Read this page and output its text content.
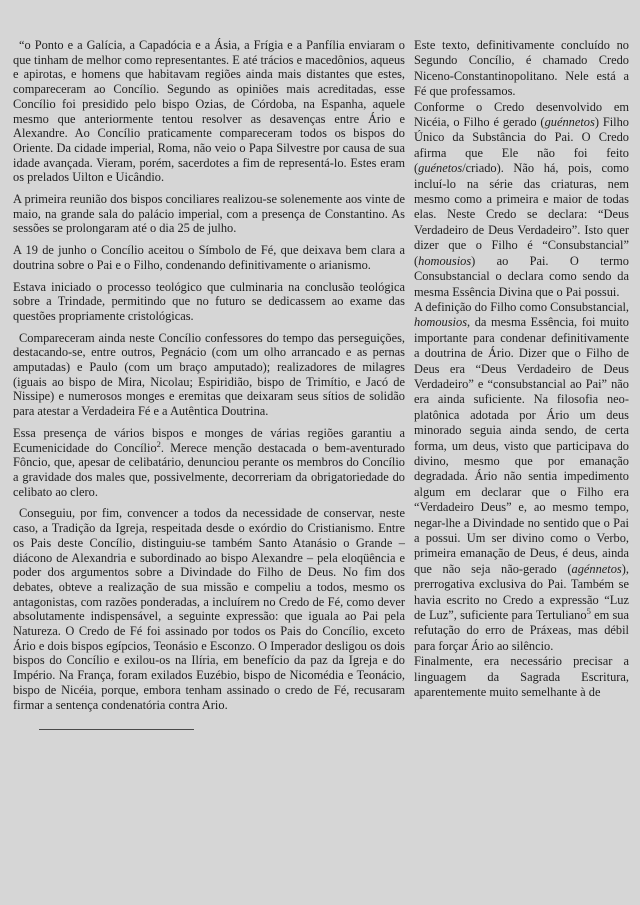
“o Ponto e a Galícia, a Capadócia e a Ásia, a Frígia e a Panfília enviaram o que tinham de melhor como representantes. E até trácios e macedônios, aqueus e apirotas, e homens que habitavam regiões ainda mais distantes que estes, compareceram ao Concílio. Segundo as opiniões mais acreditadas, esse Concílio foi presidido pelo bispo Ozias, de Córdoba, na Espanha, aquele mesmo que anteriormente tentou resolver as desavenças entre Ário e Alexandre. Ao Concílio praticamente compareceram todos os bispos do Oriente. Da cidade imperial, Roma, não veio o Papa Silvestre por causa de sua idade avançada. Vieram, porém, sacerdotes a fim de representá-lo. Estes eram os prelados Uilton e Uicândio.

A primeira reunião dos bispos conciliares realizou-se solenemente aos vinte de maio, na grande sala do palácio imperial, com a presença de Constantino. As sessões se prolongaram até o dia 25 de julho.

A 19 de junho o Concílio aceitou o Símbolo de Fé, que deixava bem clara a doutrina sobre o Pai e o Filho, condenando definitivamente o arianismo.

Estava iniciado o processo teológico que culminaria na conclusão teológica sobre a Trindade, permitindo que no futuro se dedicassem ao exame das questões propriamente cristológicas.

Compareceram ainda neste Concílio confessores do tempo das perseguições, destacando-se, entre outros, Pegnácio (com um olho arrancado e as pernas amputadas) e Paulo (com um braço amputado); realizadores de milagres (iguais ao bispo de Mira, Nicolau; Espiridião, bispo de Trimítio, e Jacó de Nissipe) e numerosos monges e eremitas que deixaram seus sítios de solidão para atestar a Verdadeira Fé e a Autêntica Doutrina.

Essa presença de vários bispos e monges de várias regiões garantiu a Ecumenicidade do Concílio$^2$. Merece menção destacada o bem-aventurado Fôncio, que, apesar de celibatário, denunciou perante os membros do Concílio a gravidade dos males que, possivelmente, decorreriam da obrigatoriedade do celibato ao clero.

Conseguiu, por fim, convencer a todos da necessidade de conservar, neste caso, a Tradição da Igreja, respeitada desde o exórdio do Cristianismo. Entre os Pais deste Concílio, distinguiu-se também Santo Atanásio o Grande – diácono de Alexandria e subordinado ao bispo Alexandre – pela eloqüência e poder dos argumentos sobre a Divindade do Filho de Deus. No fim dos debates, obteve a realização de sua missão e compeliu a todos, mesmo os antagonistas, com razões ponderadas, a incluírem no Credo de Fé, como dever absolutamente indispensável, a seguinte expressão: que iguala ao Pai pela Natureza. O Credo de Fé foi assinado por todos os Pais do Concílio, exceto Ário e dois bispos egípcios, Teonásio e Esconzo. O Imperador desligou os dois bispos do Concílio e exilou-os na Ilíria, em benefício da paz da Igreja e do Império. Na França, foram exilados Euzébio, bispo de Nicomédia e Teonácio, bispo de Nicéia, porque, embora tenham assinado o credo de Fé, recusaram firmar a sentença condenatória contra Ario.

Este texto, definitivamente concluído no Segundo Concílio, é chamado Credo Niceno-Constantinopolitano. Nele está a Fé que professamos.

Conforme o Credo desenvolvido em Nicéia, o Filho é gerado (guénnetos) Filho Único da Substância do Pai. O Credo afirma que Ele não foi feito (guénetos/criado). Não há, pois, como incluí-lo na série das criaturas, nem mesmo como a primeira e maior de todas elas. Neste Credo se declara: “Deus Verdadeiro de Deus Verdadeiro”. Isto quer dizer que o Filho é “Consubstancial” (homousios) ao Pai. O termo Consubstancial o declara como sendo da mesma Essência Divina que o Pai possui.

A definição do Filho como Consubstancial, homousios, da mesma Essência, foi muito importante para condenar definitivamente a doutrina de Ário. Dizer que o Filho de Deus era “Deus Verdadeiro de Deus Verdadeiro” e “consubstancial ao Pai” não era ainda suficiente. Na filosofia neo-platônica adotada por Ário um deus minorado seguia ainda sendo, de certa forma, um deus, visto que participava do divino, mesmo que por emanação degradada. Ário não sentia impedimento algum em declarar que o Filho era “Verdadeiro Deus” e, ao mesmo tempo, negar-lhe a Divindade no sentido que o Pai a possui. Um ser divino como o Verbo, primeira emanação de Deus, é deus, ainda que não seja não-gerado (agénnetos), prerrogativa exclusiva do Pai. Também se havia escrito no Credo a expressão “Luz de Luz”, suficiente para Tertuliano$^5$ em sua refutação do erro de Práxeas, mas débil para forçar Ário ao silêncio.

Finalmente, era necessário precisar a linguagem da Sagrada Escritura, aparentemente muito semelhante à de
